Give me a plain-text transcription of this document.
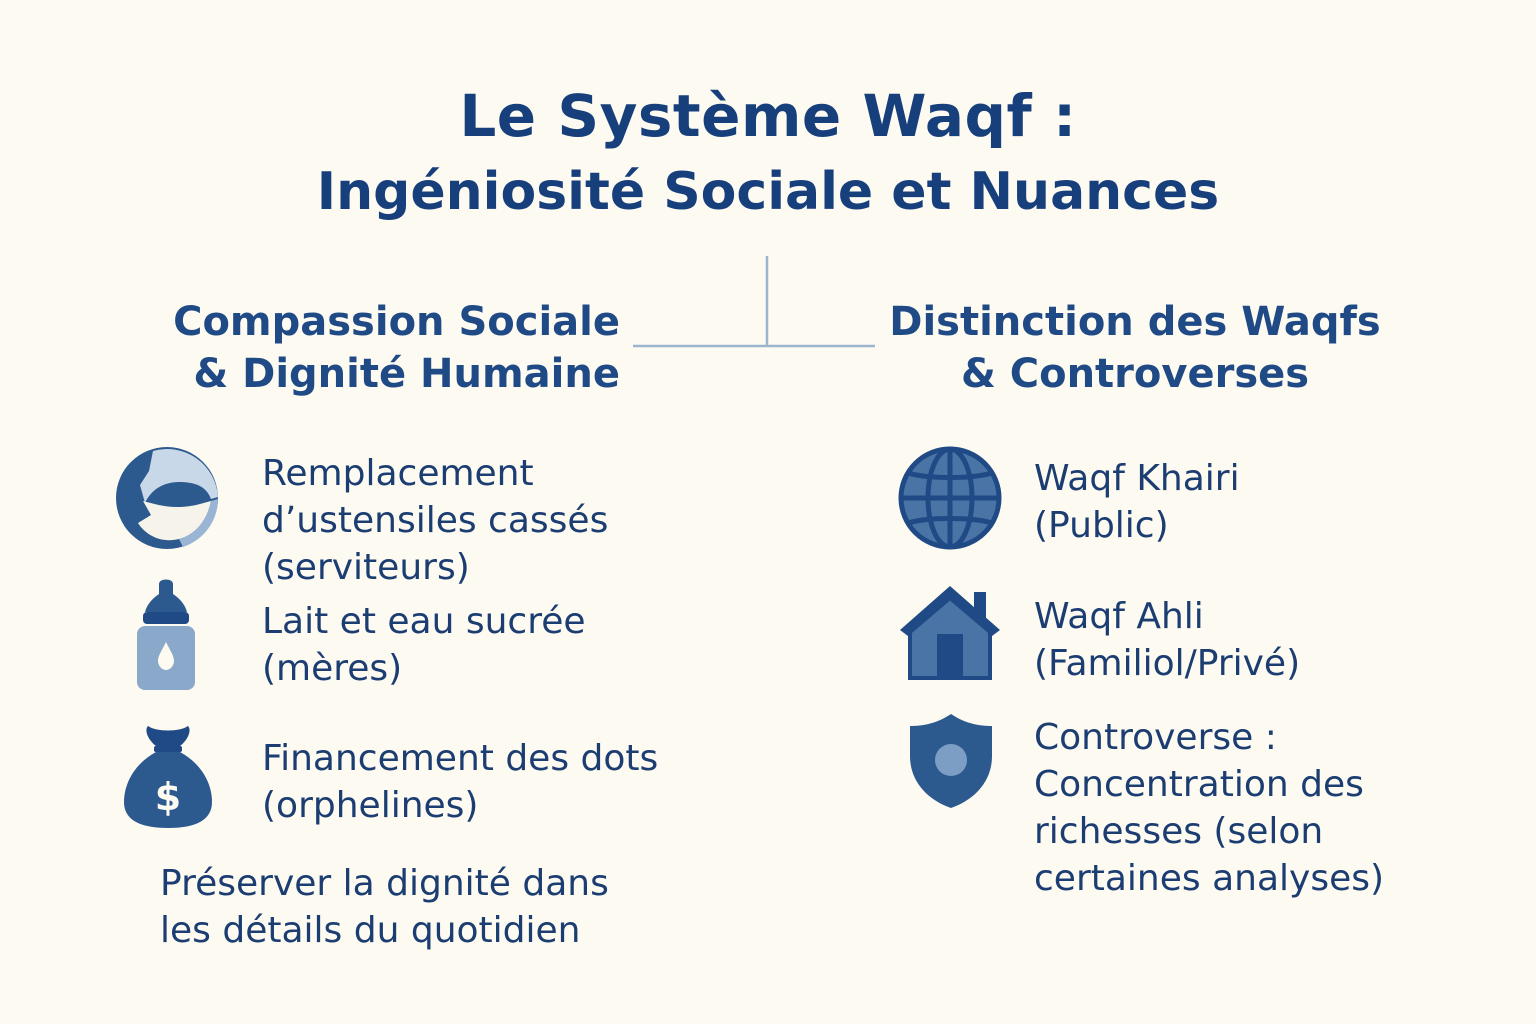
Le Système Waqf :
Ingéniosité Sociale et Nuances
Compassion Sociale
& Dignité Humaine
Distinction des Waqfs
& Controverses
Remplacement
d’ustensiles cassés
(serviteurs)
Lait et eau sucrée
(mères)
$
Financement des dots
(orphelines)
Préserver la dignité dans
les détails du quotidien
Waqf Khairi
(Public)
Waqf Ahli
(Familiol/Privé)
Controverse :
Concentration des
richesses (selon
certaines analyses)
